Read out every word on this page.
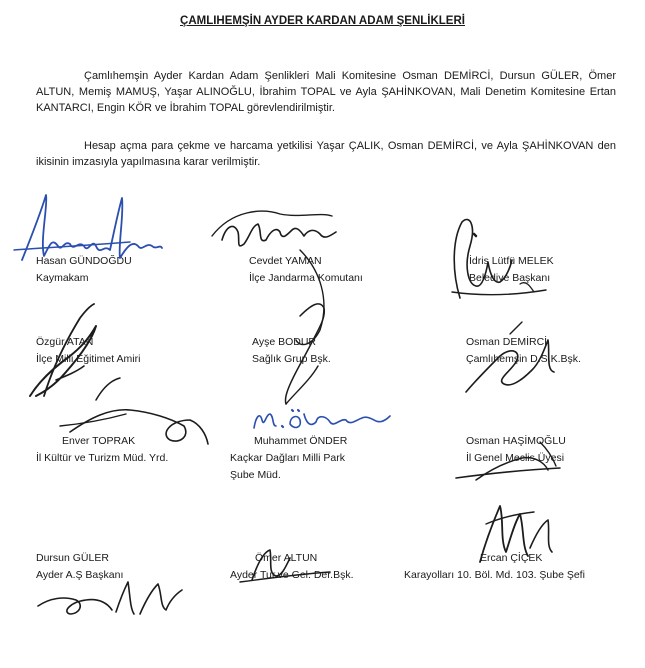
ÇAMLIHEMŞİN AYDER KARDAN ADAM ŞENLİKLERİ
Çamlıhemşin Ayder Kardan Adam Şenlikleri Mali Komitesine Osman DEMİRCİ, Dursun GÜLER, Ömer ALTUN, Memiş MAMUŞ, Yaşar ALINOĞLU, İbrahim TOPAL ve Ayla ŞAHİNKOVAN, Mali Denetim Komitesine Ertan KANTARCI, Engin KÖR ve İbrahim TOPAL görevlendirilmiştir.
Hesap açma para çekme ve harcama yetkilisi Yaşar ÇALIK, Osman DEMİRCİ, ve Ayla ŞAHİNKOVAN den ikisinin imzasıyla yapılmasına karar verilmiştir.
Hasan GÜNDOĞDU
Kaymakam
Cevdet YAMAN
İlçe Jandarma Komutanı
İdris Lütfü MELEK
Belediye Başkanı
Özgür ATAN
İlçe Milli Eğitimet Amiri
Ayşe BODUR
Sağlık Grup Bşk.
Osman DEMİRCİ
Çamlıhemşin D.S.K.Bşk.
Enver TOPRAK
İl Kültür ve Turizm Müd. Yrd.
Muhammet ÖNDER
Kaçkar Dağları Milli Park
Şube Müd.
Osman HAŞİMOĞLU
İl Genel Meclis Üyesi
Dursun GÜLER
Ayder A.Ş Başkanı
Ömer ALTUN
Ayder Tur.ve Gel. Der.Bşk.
Ercan ÇİÇEK
Karayolları 10. Böl. Md. 103. Şube Şefi
